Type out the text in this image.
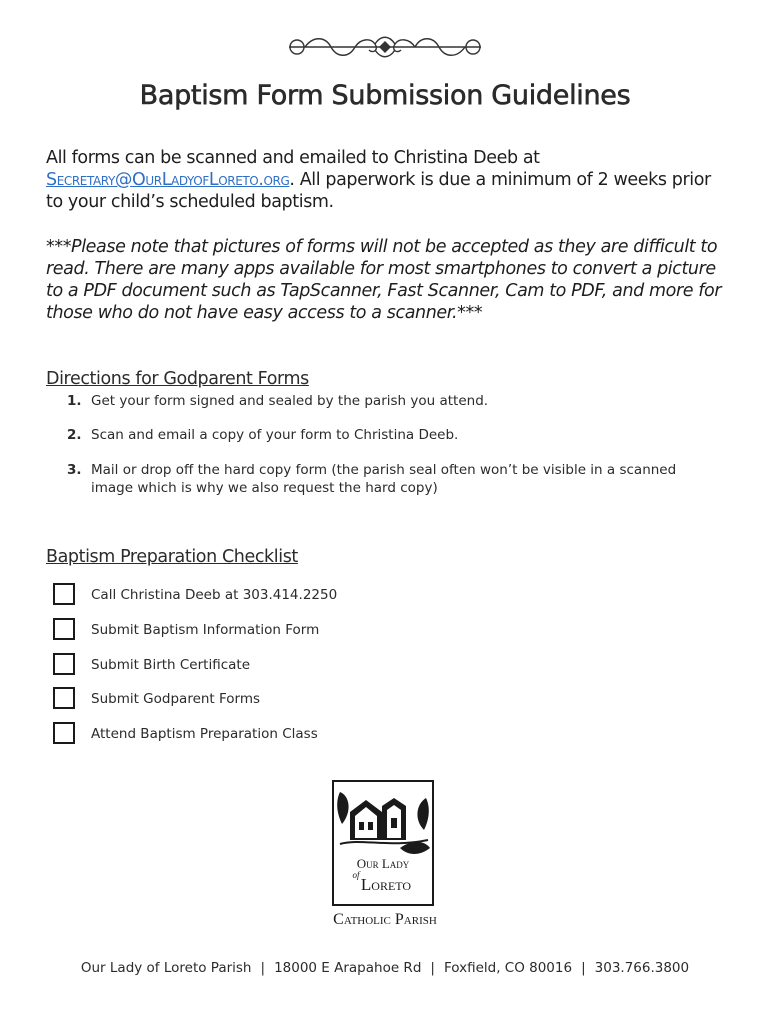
Baptism Form Submission Guidelines

All forms can be scanned and emailed to Christina Deeb at Secretary@OurLadyofLoreto.org. All paperwork is due a minimum of 2 weeks prior to your child’s scheduled baptism.

***Please note that pictures of forms will not be accepted as they are difficult to read. There are many apps available for most smartphones to convert a picture to a PDF document such as TapScanner, Fast Scanner, Cam to PDF, and more for those who do not have easy access to a scanner.***

Directions for Godparent Forms
1. Get your form signed and sealed by the parish you attend.
2. Scan and email a copy of your form to Christina Deeb.
3. Mail or drop off the hard copy form (the parish seal often won’t be visible in a scanned image which is why we also request the hard copy)
Baptism Preparation Checklist
Call Christina Deeb at 303.414.2250
Submit Baptism Information Form
Submit Birth Certificate
Submit Godparent Forms
Attend Baptism Preparation Class
Our Lady
of Loreto
Catholic Parish
Our Lady of Loreto Parish | 18000 E Arapahoe Rd | Foxfield, CO 80016 | 303.766.3800
